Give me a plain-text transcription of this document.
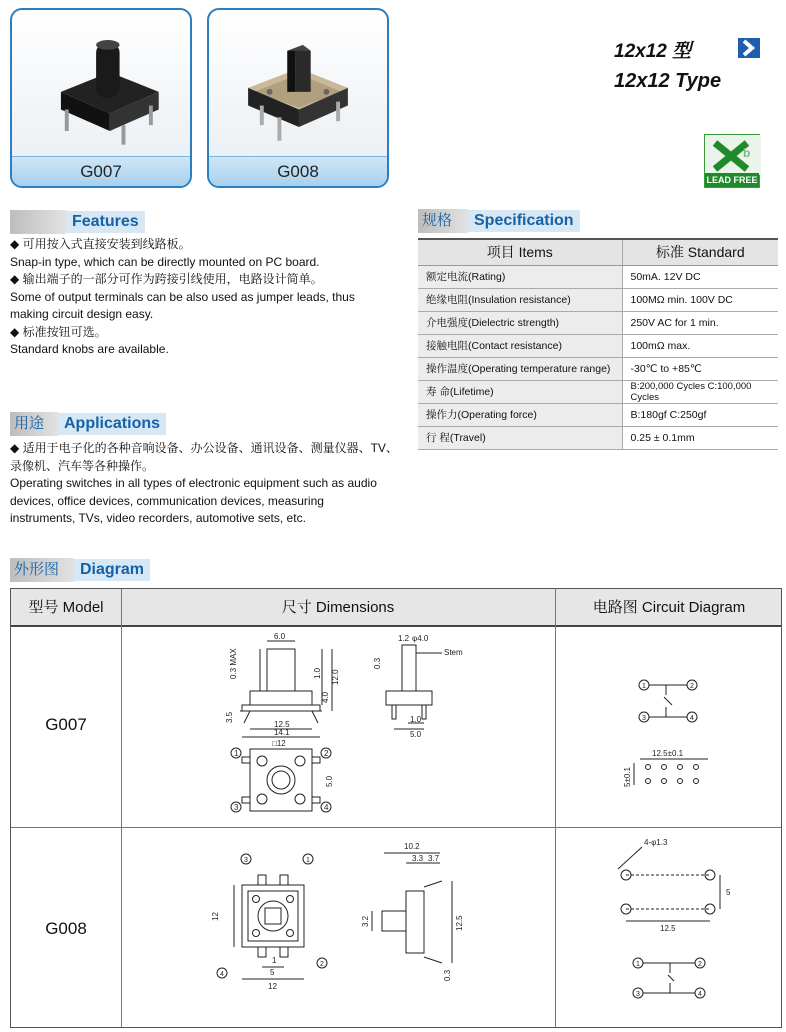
G007	G008
12x12 型
12x12 Type
b
LEAD FREE
Features
◆ 可用按入式直接安装到线路板。
Snap-in type, which can be directly mounted on PC board.
◆ 输出端子的一部分可作为跨接引线使用，电路设计简单。
Some of output terminals can be also used as jumper leads, thus
making circuit design easy.
◆ 标准按钮可选。
Standard knobs are available.
用途	Applications
◆ 适用于电子化的各种音响设备、办公设备、通讯设备、测量仪器、TV、
录像机、汽车等各种操作。
Operating switches in all types of electronic equipment such as audio
devices, office devices, communication devices, measuring
instruments, TVs, video recorders, automotive sets, etc.
规格	Specification
项目 Items	标准 Standard
额定电流(Rating)	50mA. 12V DC
绝缘电阻(Insulation resistance)	100MΩ min. 100V DC
介电强度(Dielectric strength)	250V AC for 1 min.
接触电阻(Contact resistance)	100mΩ max.
操作温度(Operating temperature range)	-30℃ to +85℃
寿 命(Lifetime)	B:200,000 Cycles C:100,000 Cycles
操作力(Operating force)	B:180gf C:250gf
行 程(Travel)	0.25 ± 0.1mm
外形图	Diagram
型号 Model	尺寸 Dimensions	电路图 Circuit Diagram
G007
G008
6.0
0.3 MAX	1.0 12.0
4.0
3.5
12.5
14.1
□12
1.2 φ4.0
Stem
0.3
1.0
5.0
5.0
1	2
3	4
1	2
3	4
12.5±0.1
5±0.1
3	1
4
2
12
1
5
12
10.2
3.3 3.7
3.2	12.5
0.3
4-φ1.3
5
12.5
1	2
3	4
